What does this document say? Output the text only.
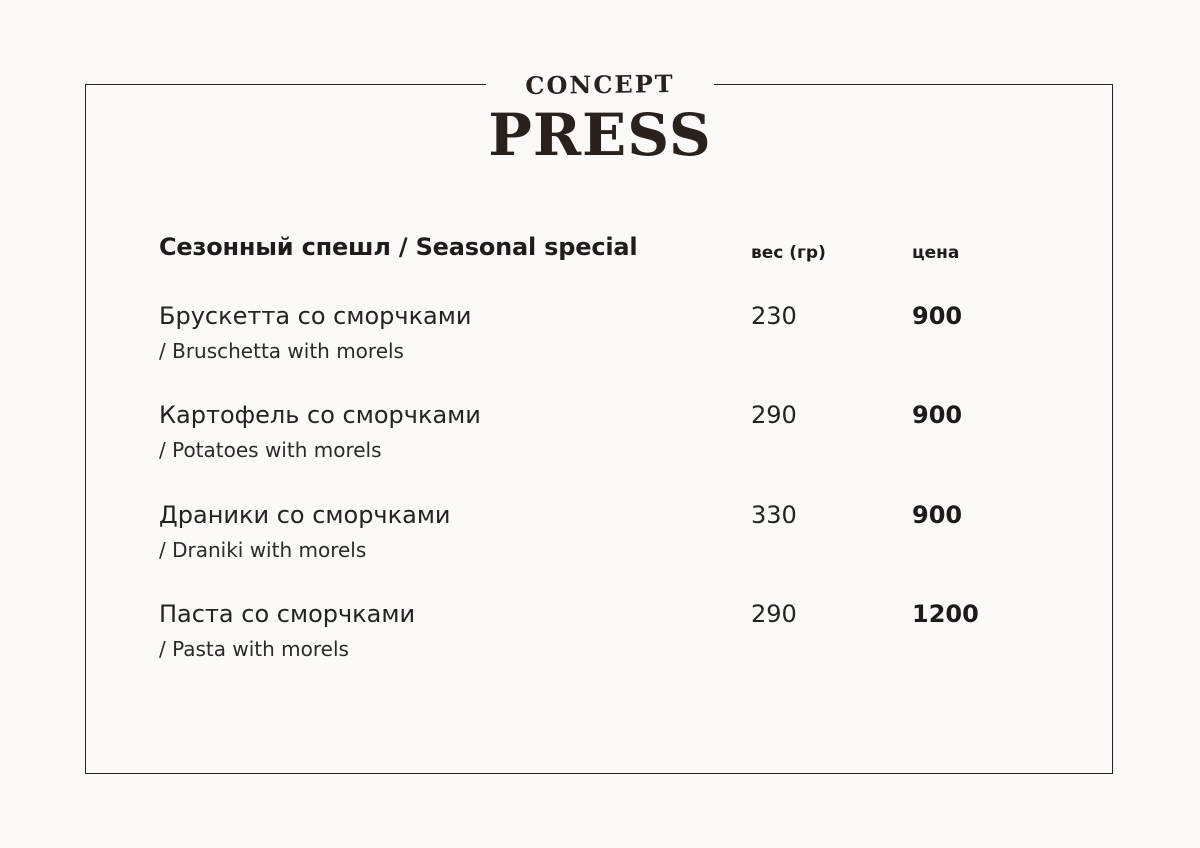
CONCEPT
PRESS
Сезонный спешл / Seasonal special	вес (гр)	цена
Брускетта со сморчками
/ Bruschetta with morels
230	900
Картофель со сморчками
/ Potatoes with morels
290	900
Драники со сморчками
/ Draniki with morels
330	900
Паста со сморчками
/ Pasta with morels
290	1200
